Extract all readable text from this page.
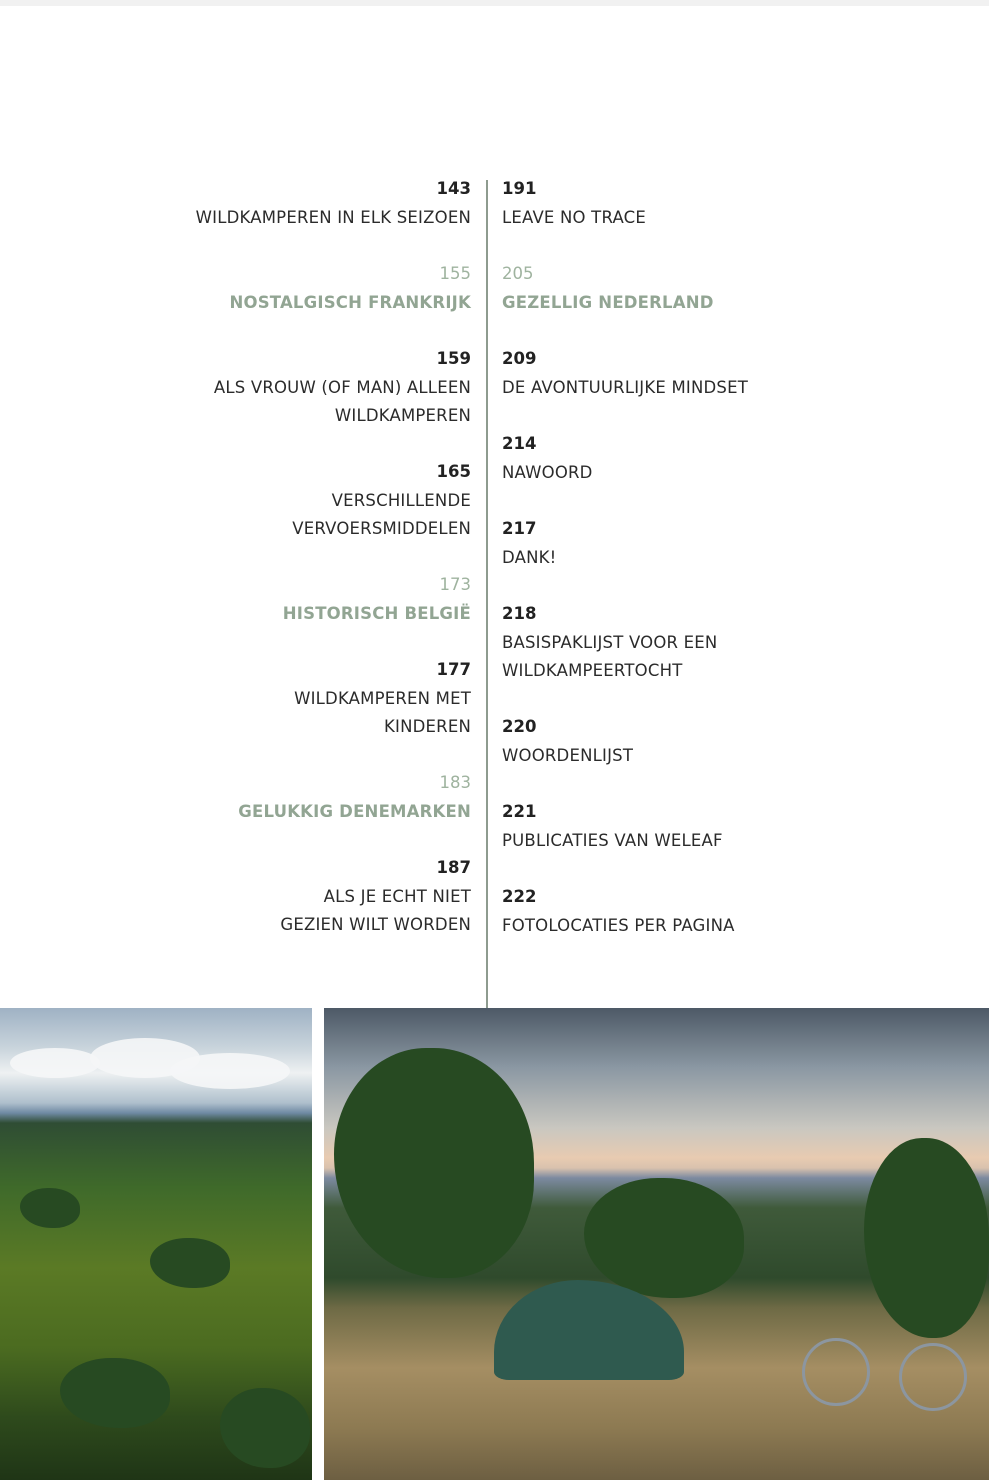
143
WILDKAMPEREN IN ELK SEIZOEN
155
NOSTALGISCH FRANKRIJK
159
ALS VROUW (OF MAN) ALLEEN
WILDKAMPEREN
165
VERSCHILLENDE
VERVOERSMIDDELEN
173
HISTORISCH BELGIË
177
WILDKAMPEREN MET
KINDEREN
183
GELUKKIG DENEMARKEN
187
ALS JE ECHT NIET
GEZIEN WILT WORDEN
191
LEAVE NO TRACE
205
GEZELLIG NEDERLAND
209
DE AVONTUURLIJKE MINDSET
214
NAWOORD
217
DANK!
218
BASISPAKLIJST VOOR EEN
WILDKAMPEERTOCHT
220
WOORDENLIJST
221
PUBLICATIES VAN WELEAF
222
FOTOLOCATIES PER PAGINA
